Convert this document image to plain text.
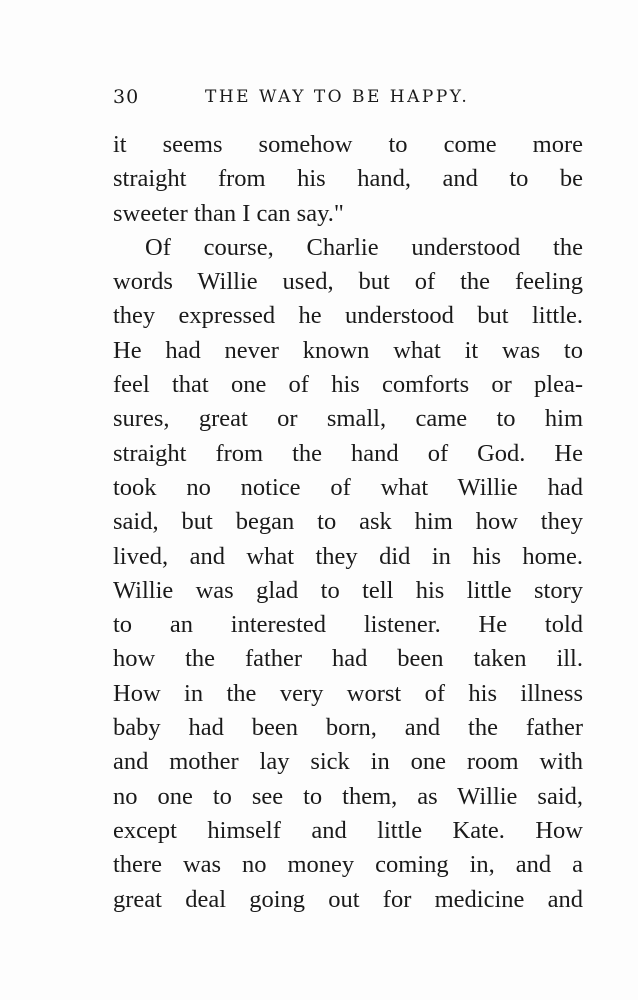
30	THE WAY TO BE HAPPY.
it seems somehow to come more
straight from his hand, and to be
sweeter than I can say."
Of course, Charlie understood the
words Willie used, but of the feeling
they expressed he understood but little.
He had never known what it was to
feel that one of his comforts or plea-
sures, great or small, came to him
straight from the hand of God. He
took no notice of what Willie had
said, but began to ask him how they
lived, and what they did in his home.
Willie was glad to tell his little story
to an interested listener. He told
how the father had been taken ill.
How in the very worst of his illness
baby had been born, and the father
and mother lay sick in one room with
no one to see to them, as Willie said,
except himself and little Kate. How
there was no money coming in, and a
great deal going out for medicine and
